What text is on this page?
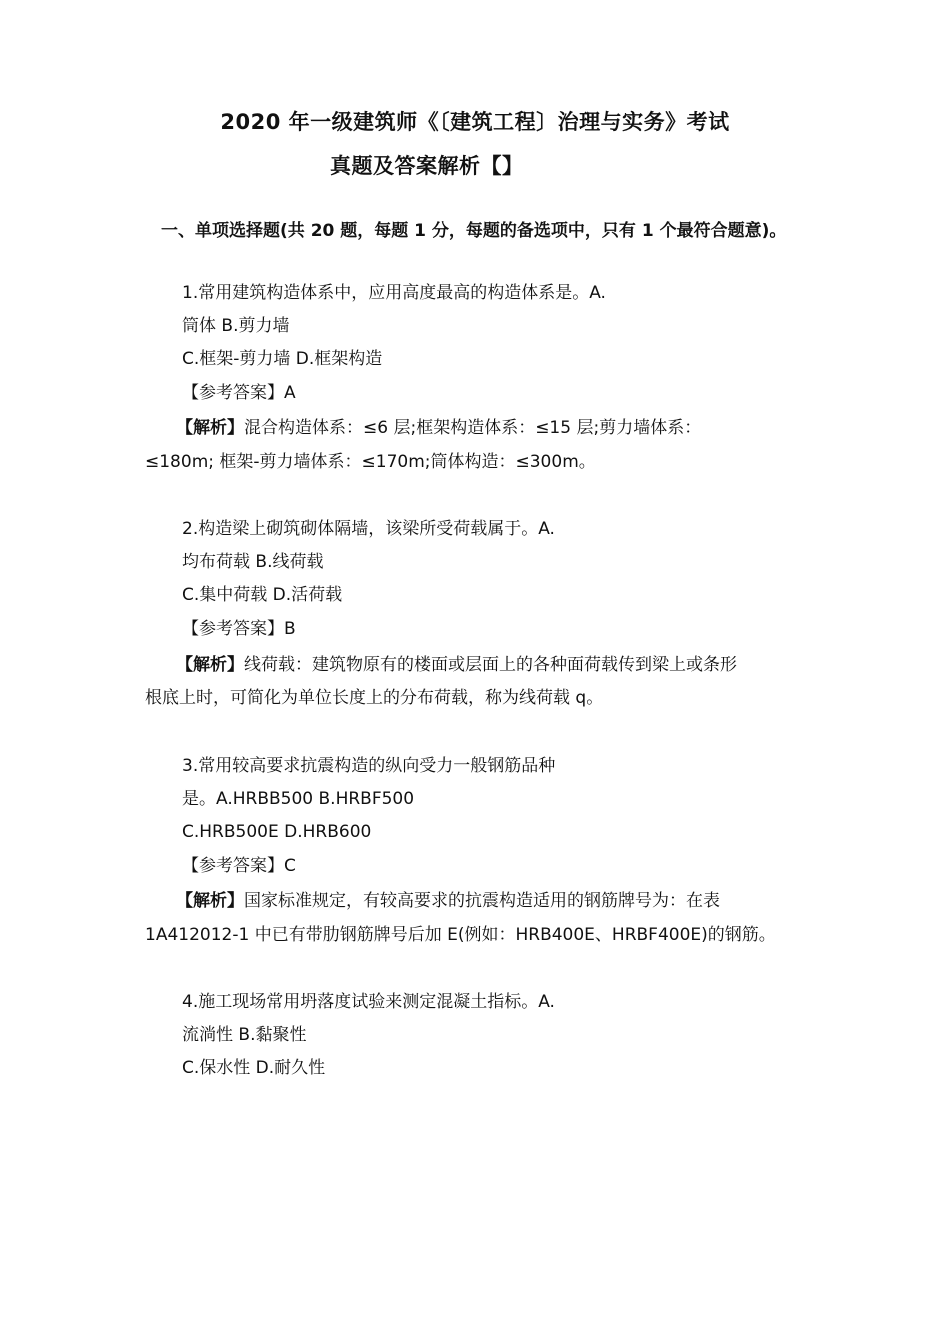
2020 年一级建筑师《〔建筑工程〕治理与实务》考试
真题及答案解析【】
一、单项选择题(共 20 题，每题 1 分，每题的备选项中，只有 1 个最符合题意)。
1.常用建筑构造体系中，应用高度最高的构造体系是。A.
筒体 B.剪力墙
C.框架-剪力墙 D.框架构造
【参考答案】A
【解析】混合构造体系：≤6 层;框架构造体系：≤15 层;剪力墙体系：
≤180m; 框架-剪力墙体系：≤170m;筒体构造：≤300m。
2.构造梁上砌筑砌体隔墙，该梁所受荷载属于。A.
均布荷载 B.线荷载
C.集中荷载 D.活荷载
【参考答案】B
【解析】线荷载：建筑物原有的楼面或层面上的各种面荷载传到梁上或条形
根底上时，可简化为单位长度上的分布荷载，称为线荷载 q。
3.常用较高要求抗震构造的纵向受力一般钢筋品种
是。A.HRBB500 B.HRBF500
C.HRB500E D.HRB600
【参考答案】C
【解析】国家标准规定，有较高要求的抗震构造适用的钢筋牌号为：在表
1A412012-1 中已有带肋钢筋牌号后加 E(例如：HRB400E、HRBF400E)的钢筋。
4.施工现场常用坍落度试验来测定混凝土指标。A.
流淌性 B.黏聚性
C.保水性 D.耐久性
